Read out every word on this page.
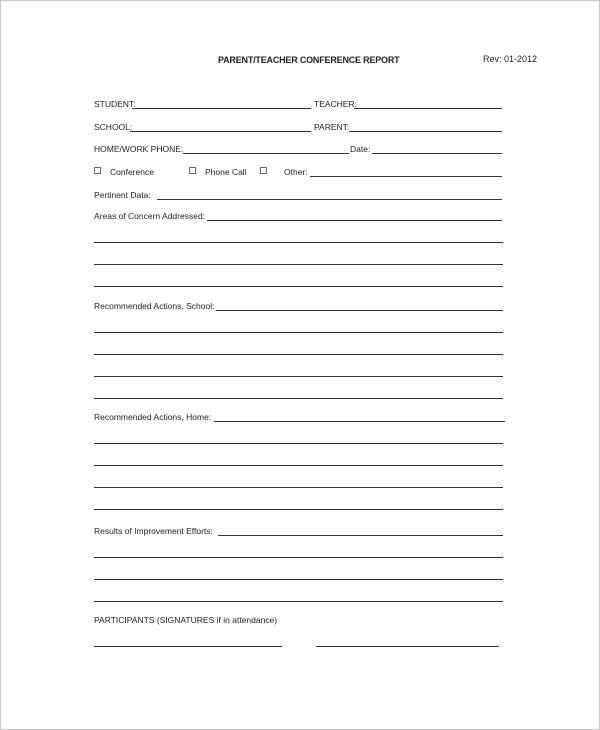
PARENT/TEACHER CONFERENCE REPORT	Rev: 01-2012
STUDENT:	TEACHER:
SCHOOL:	PARENT:
HOME/WORK PHONE:	Date:
Conference	Phone Call	Other:
Pertinent Data:
Areas of Concern Addressed:
Recommended Actions, School:
Recommended Actions, Home:
Results of Improvement Efforts:
PARTICIPANTS (SIGNATURES if in attendance)
